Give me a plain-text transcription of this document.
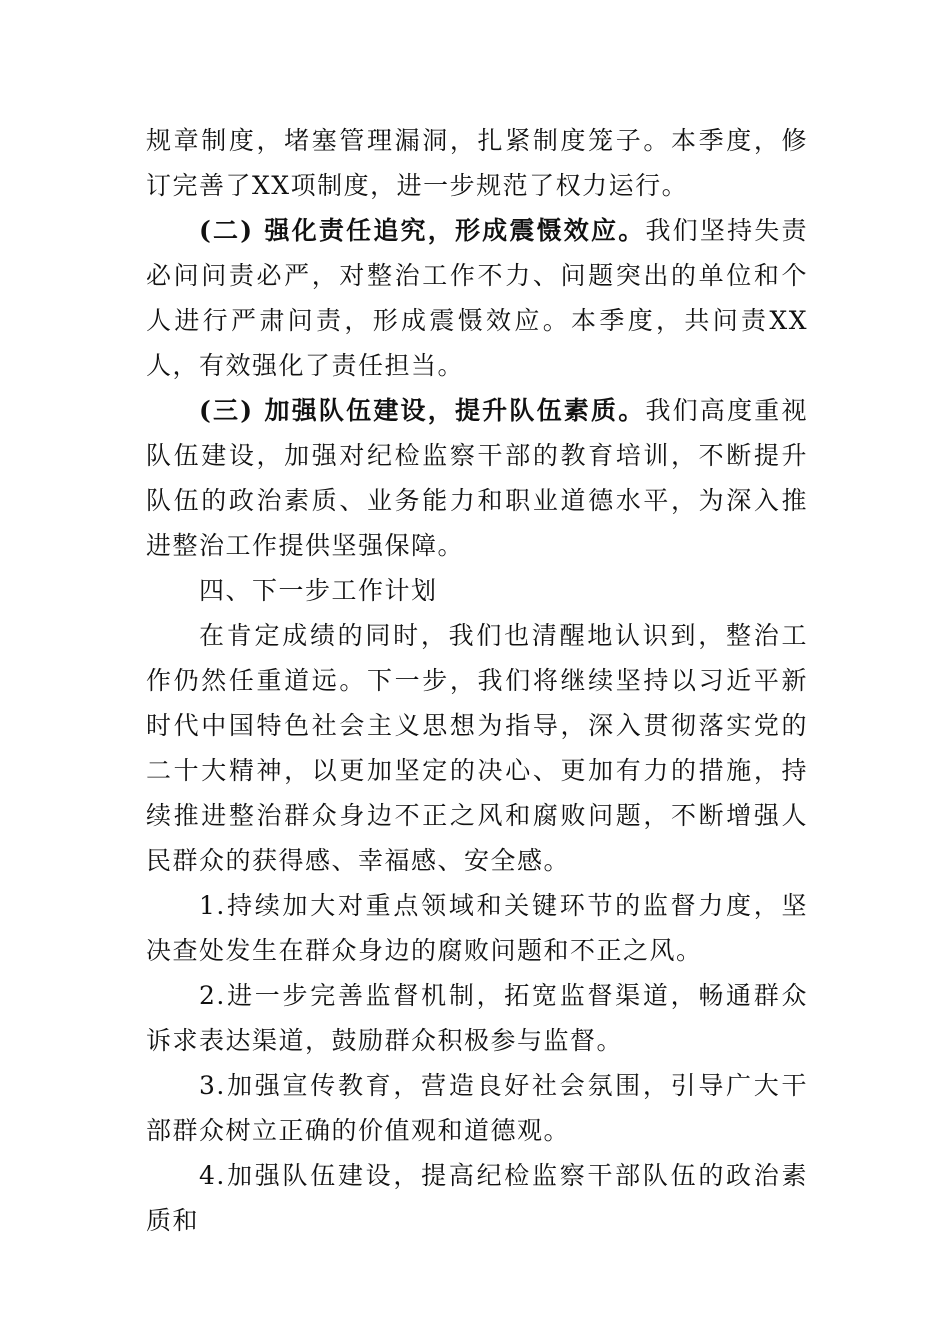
规章制度，堵塞管理漏洞，扎紧制度笼子。本季度，修订完善了XX项制度，进一步规范了权力运行。

(二) 强化责任追究，形成震慑效应。我们坚持失责必问问责必严，对整治工作不力、问题突出的单位和个人进行严肃问责，形成震慑效应。本季度，共问责XX人，有效强化了责任担当。

(三) 加强队伍建设，提升队伍素质。我们高度重视队伍建设，加强对纪检监察干部的教育培训，不断提升队伍的政治素质、业务能力和职业道德水平，为深入推进整治工作提供坚强保障。

四、下一步工作计划

在肯定成绩的同时，我们也清醒地认识到，整治工作仍然任重道远。下一步，我们将继续坚持以习近平新时代中国特色社会主义思想为指导，深入贯彻落实党的二十大精神，以更加坚定的决心、更加有力的措施，持续推进整治群众身边不正之风和腐败问题，不断增强人民群众的获得感、幸福感、安全感。

1.持续加大对重点领域和关键环节的监督力度，坚决查处发生在群众身边的腐败问题和不正之风。

2.进一步完善监督机制，拓宽监督渠道，畅通群众诉求表达渠道，鼓励群众积极参与监督。

3.加强宣传教育，营造良好社会氛围，引导广大干部群众树立正确的价值观和道德观。

4.加强队伍建设，提高纪检监察干部队伍的政治素质和
